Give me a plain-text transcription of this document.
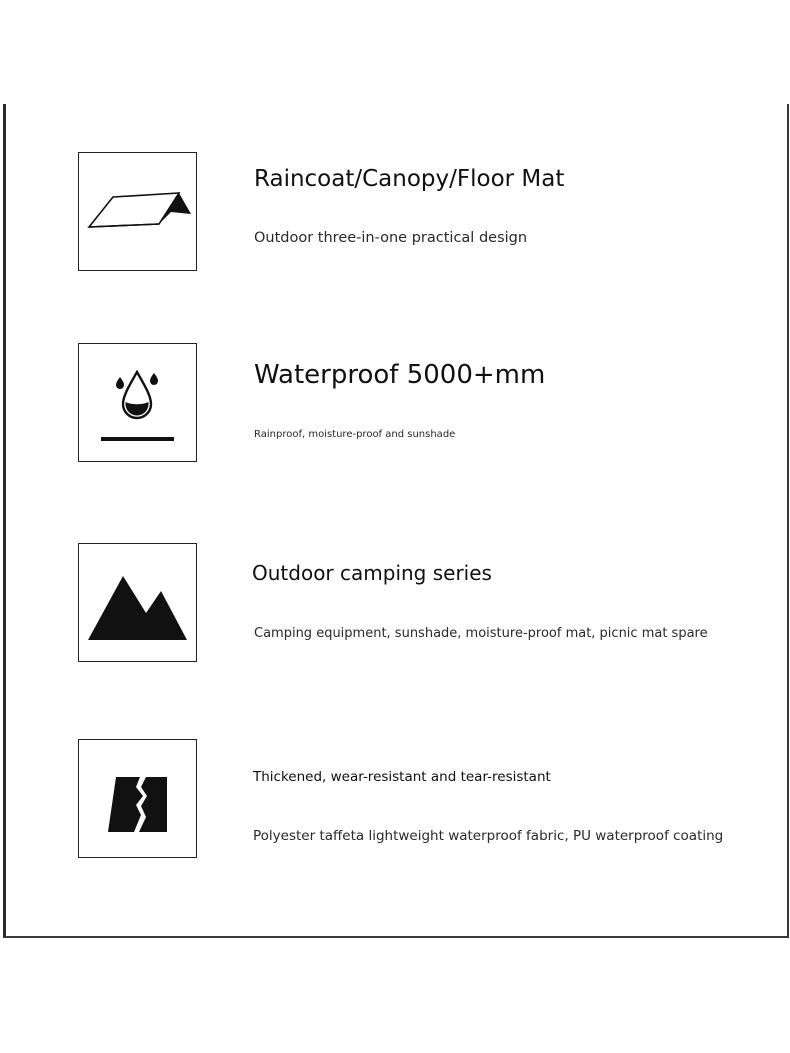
Raincoat/Canopy/Floor Mat
Outdoor three-in-one practical design
Waterproof 5000+mm
Rainproof, moisture-proof and sunshade
Outdoor camping series
Camping equipment, sunshade, moisture-proof mat, picnic mat spare
Thickened, wear-resistant and tear-resistant
Polyester taffeta lightweight waterproof fabric, PU waterproof coating
